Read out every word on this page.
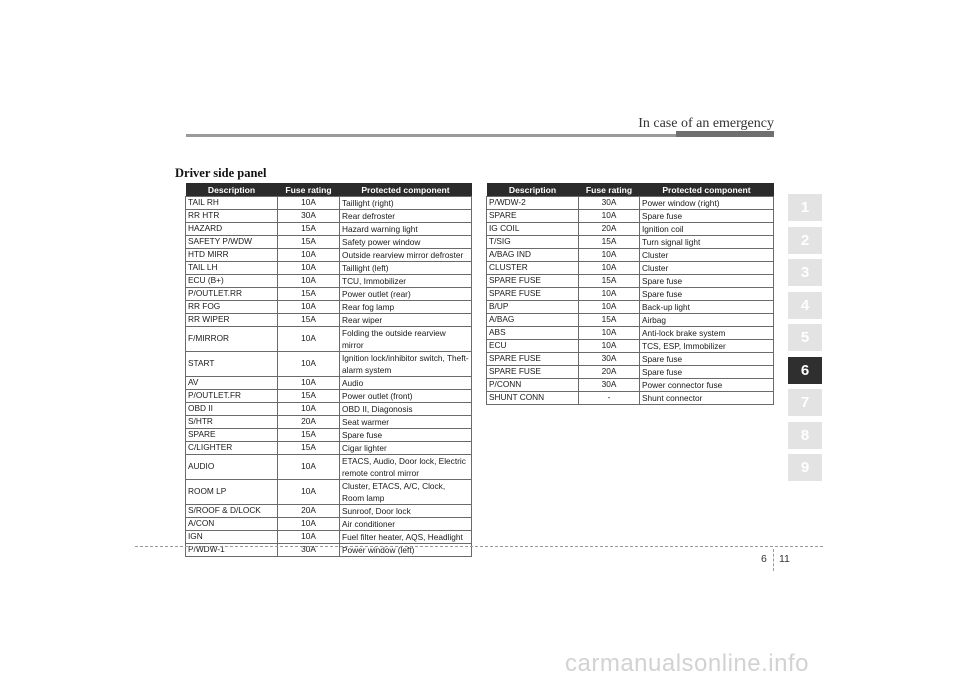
In case of an emergency
Driver side panel
Description	Fuse rating	Protected component
TAIL RH	10A	Taillight (right)
RR HTR	30A	Rear defroster
HAZARD	15A	Hazard warning light
SAFETY P/WDW	15A	Safety power window
HTD MIRR	10A	Outside rearview mirror defroster
TAIL LH	10A	Taillight (left)
ECU (B+)	10A	TCU, Immobilizer
P/OUTLET.RR	15A	Power outlet (rear)
RR FOG	10A	Rear fog lamp
RR WIPER	15A	Rear wiper
F/MIRROR	10A	Folding the outside rearview mirror
START	10A	Ignition lock/inhibitor switch, Theft-alarm system
AV	10A	Audio
P/OUTLET.FR	15A	Power outlet (front)
OBD II	10A	OBD II, Diagonosis
S/HTR	20A	Seat warmer
SPARE	15A	Spare fuse
C/LIGHTER	15A	Cigar lighter
AUDIO	10A	ETACS, Audio, Door lock, Electric remote control mirror
ROOM LP	10A	Cluster, ETACS, A/C, Clock, Room lamp
S/ROOF & D/LOCK	20A	Sunroof, Door lock
A/CON	10A	Air conditioner
IGN	10A	Fuel filter heater, AQS, Headlight
P/WDW-1	30A	Power window (left)
Description	Fuse rating	Protected component
P/WDW-2	30A	Power window (right)
SPARE	10A	Spare fuse
IG COIL	20A	Ignition coil
T/SIG	15A	Turn signal light
A/BAG IND	10A	Cluster
CLUSTER	10A	Cluster
SPARE FUSE	15A	Spare fuse
SPARE FUSE	10A	Spare fuse
B/UP	10A	Back-up light
A/BAG	15A	Airbag
ABS	10A	Anti-lock brake system
ECU	10A	TCS, ESP, Immobilizer
SPARE FUSE	30A	Spare fuse
SPARE FUSE	20A	Spare fuse
P/CONN	30A	Power connector fuse
SHUNT CONN	-	Shunt connector
1
2
3
4
5
6
7
8
9
6 11
carmanualsonline.info
